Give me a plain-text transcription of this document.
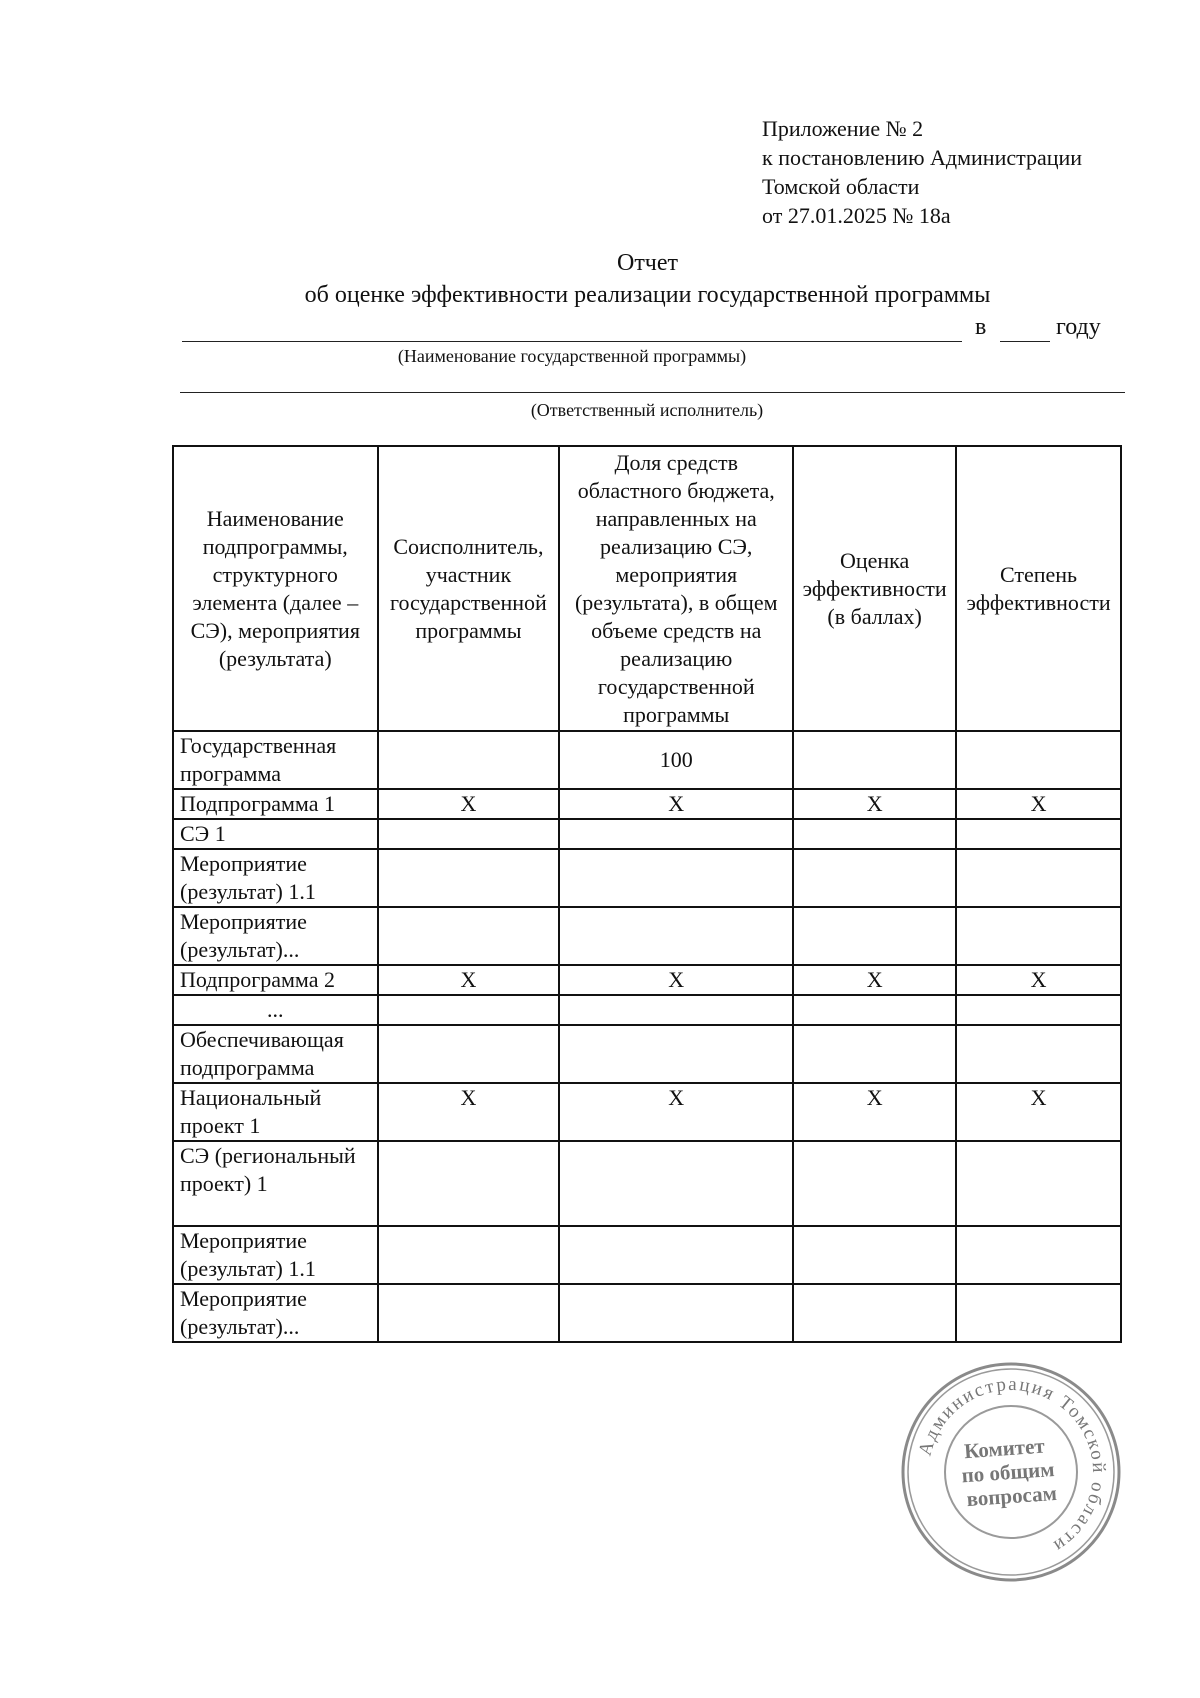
Приложение № 2
к постановлению Администрации
Томской области
от 27.01.2025 № 18а
Отчет
об оценке эффективности реализации государственной программы
в	году
(Наименование государственной программы)
(Ответственный исполнитель)
Наименование подпрограммы, структурного элемента (далее – СЭ), мероприятия (результата)	Соисполнитель, участник государственной программы	Доля средств областного бюджета, направленных на реализацию СЭ, мероприятия (результата), в общем объеме средств на реализацию государственной программы	Оценка эффективности (в баллах)	Степень эффективности
Государственная программа		100		
Подпрограмма 1	X	X	X	X
СЭ 1				
Мероприятие (результат) 1.1				
Мероприятие (результат)...				
Подпрограмма 2	X	X	X	X
...				
Обеспечивающая подпрограмма				
Национальный проект 1	X	X	X	X
СЭ (региональный проект) 1				
Мероприятие (результат) 1.1				
Мероприятие (результат)...				
Администрация Томской области
Комитет
по общим
вопросам
